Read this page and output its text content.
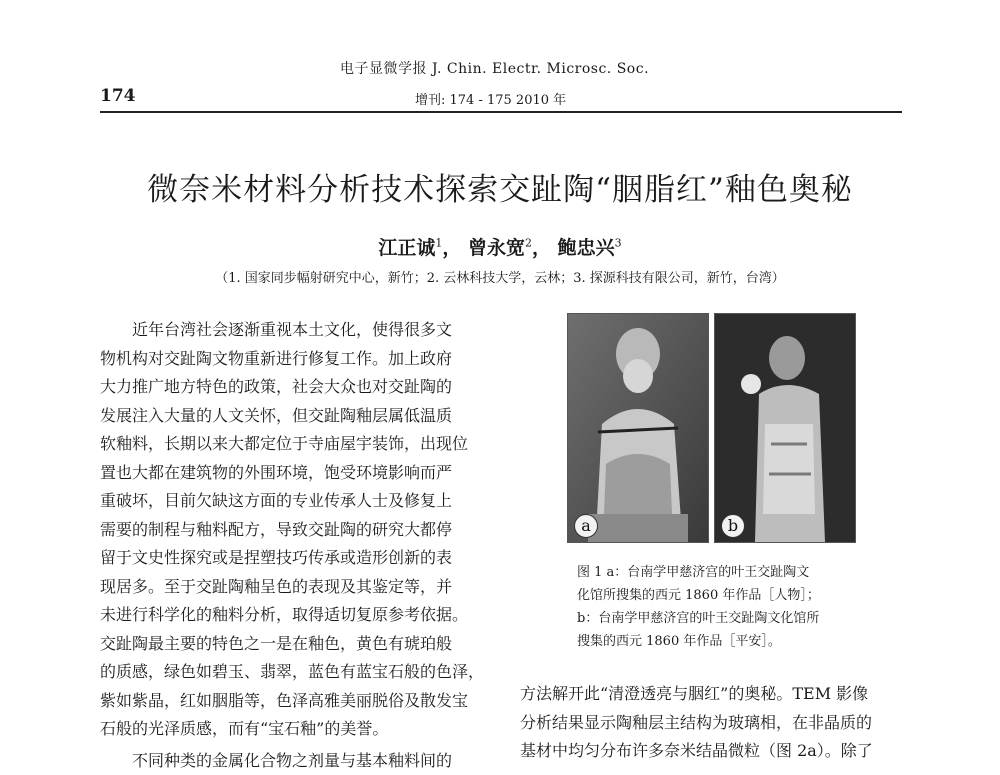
电子显微学报 J. Chin. Electr. Microsc. Soc.
174	增刊: 174 - 175 2010 年
微奈米材料分析技术探索交趾陶“胭脂红”釉色奥秘
江正诚$^1$， 曾永宽$^2$， 鲍忠兴$^3$
（1. 国家同步幅射研究中心，新竹；2. 云林科技大学，云林；3. 探源科技有限公司，新竹，台湾）

近年台湾社会逐渐重视本土文化，使得很多文
物机构对交趾陶文物重新进行修复工作。加上政府
大力推广地方特色的政策，社会大众也对交趾陶的
发展注入大量的人文关怀，但交趾陶釉层属低温质
软釉料，长期以来大都定位于寺庙屋宇装饰，出现位
置也大都在建筑物的外围环境，饱受环境影响而严
重破坏，目前欠缺这方面的专业传承人士及修复上
需要的制程与釉料配方，导致交趾陶的研究大都停
留于文史性探究或是捏塑技巧传承或造形创新的表
现居多。至于交趾陶釉呈色的表现及其鉴定等，并
未进行科学化的釉料分析，取得适切复原参考依据。
交趾陶最主要的特色之一是在釉色，黄色有琥珀般
的质感，绿色如碧玉、翡翠，蓝色有蓝宝石般的色泽，
紫如紫晶，红如胭脂等，色泽高雅美丽脱俗及散发宝
石般的光泽质感，而有“宝石釉”的美誉。

不同种类的金属化合物之剂量与基本釉料间的

a	b
图 1 a：台南学甲慈济宫的叶王交趾陶文
化馆所搜集的西元 1860 年作品［人物］；
b：台南学甲慈济宫的叶王交趾陶文化馆所
搜集的西元 1860 年作品［平安］。

方法解开此“清澄透亮与胭红”的奥秘。TEM 影像
分析结果显示陶釉层主结构为玻璃相，在非晶质的
基材中均匀分布许多奈米结晶微粒（图 2a）。除了
